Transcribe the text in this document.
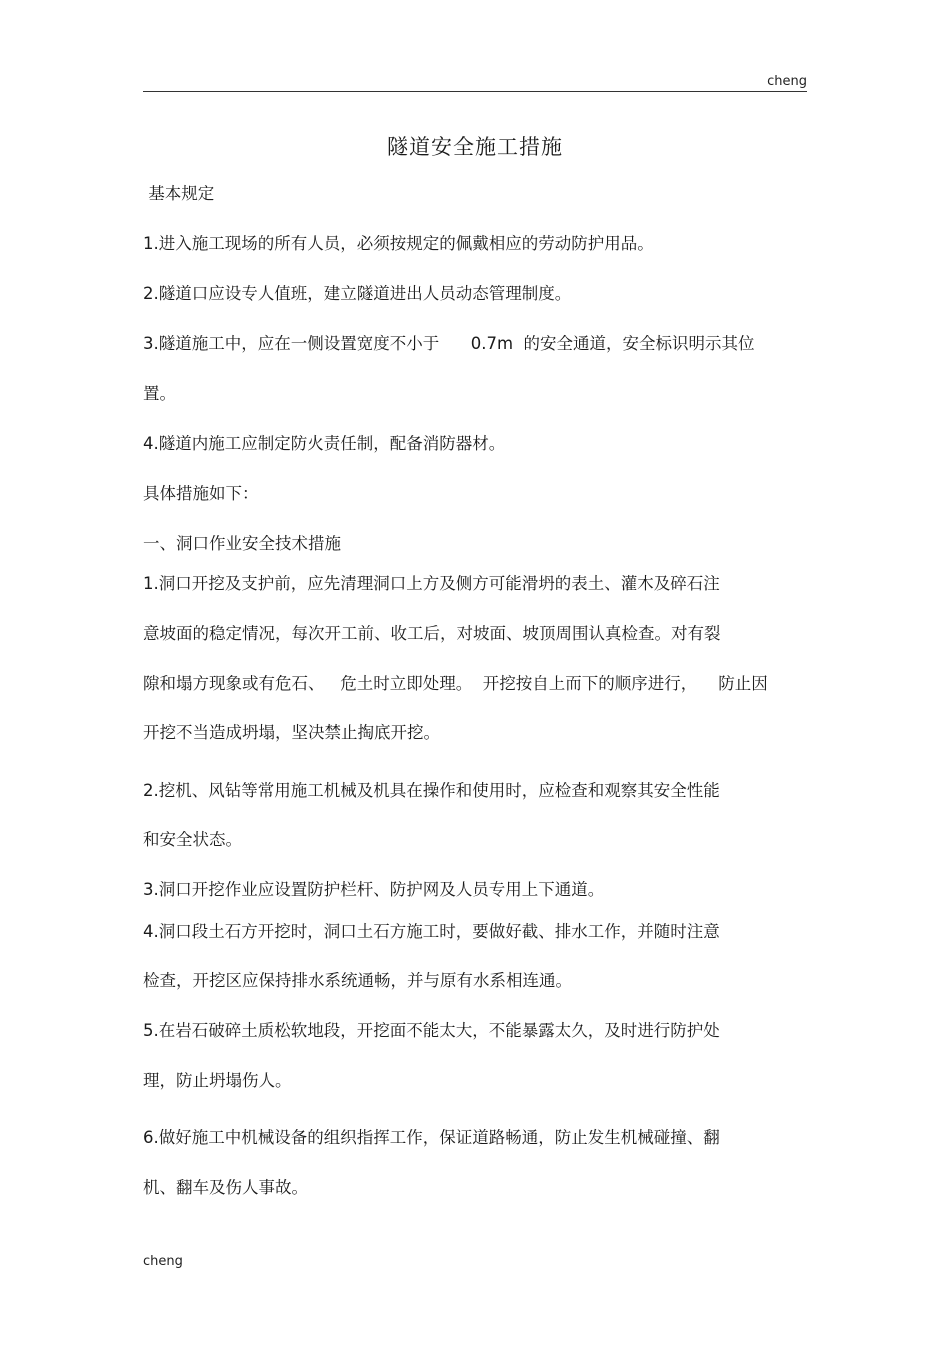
cheng
隧道安全施工措施
基本规定
1.进入施工现场的所有人员，必须按规定的佩戴相应的劳动防护用品。
2.隧道口应设专人值班，建立隧道进出人员动态管理制度。
3.隧道施工中，应在一侧设置宽度不小于      0.7m  的安全通道，安全标识明示其位
置。
4.隧道内施工应制定防火责任制，配备消防器材。
具体措施如下：
一、洞口作业安全技术措施
1.洞口开挖及支护前，应先清理洞口上方及侧方可能滑坍的表土、灌木及碎石注
意坡面的稳定情况，每次开工前、收工后，对坡面、坡顶周围认真检查。对有裂
隙和塌方现象或有危石、   危土时立即处理。  开挖按自上而下的顺序进行，    防止因
开挖不当造成坍塌，坚决禁止掏底开挖。
2.挖机、风钻等常用施工机械及机具在操作和使用时，应检查和观察其安全性能
和安全状态。
3.洞口开挖作业应设置防护栏杆、防护网及人员专用上下通道。
4.洞口段土石方开挖时，洞口土石方施工时，要做好截、排水工作，并随时注意
检查，开挖区应保持排水系统通畅，并与原有水系相连通。
5.在岩石破碎土质松软地段，开挖面不能太大，不能暴露太久，及时进行防护处
理，防止坍塌伤人。
6.做好施工中机械设备的组织指挥工作，保证道路畅通，防止发生机械碰撞、翻
机、翻车及伤人事故。
cheng
